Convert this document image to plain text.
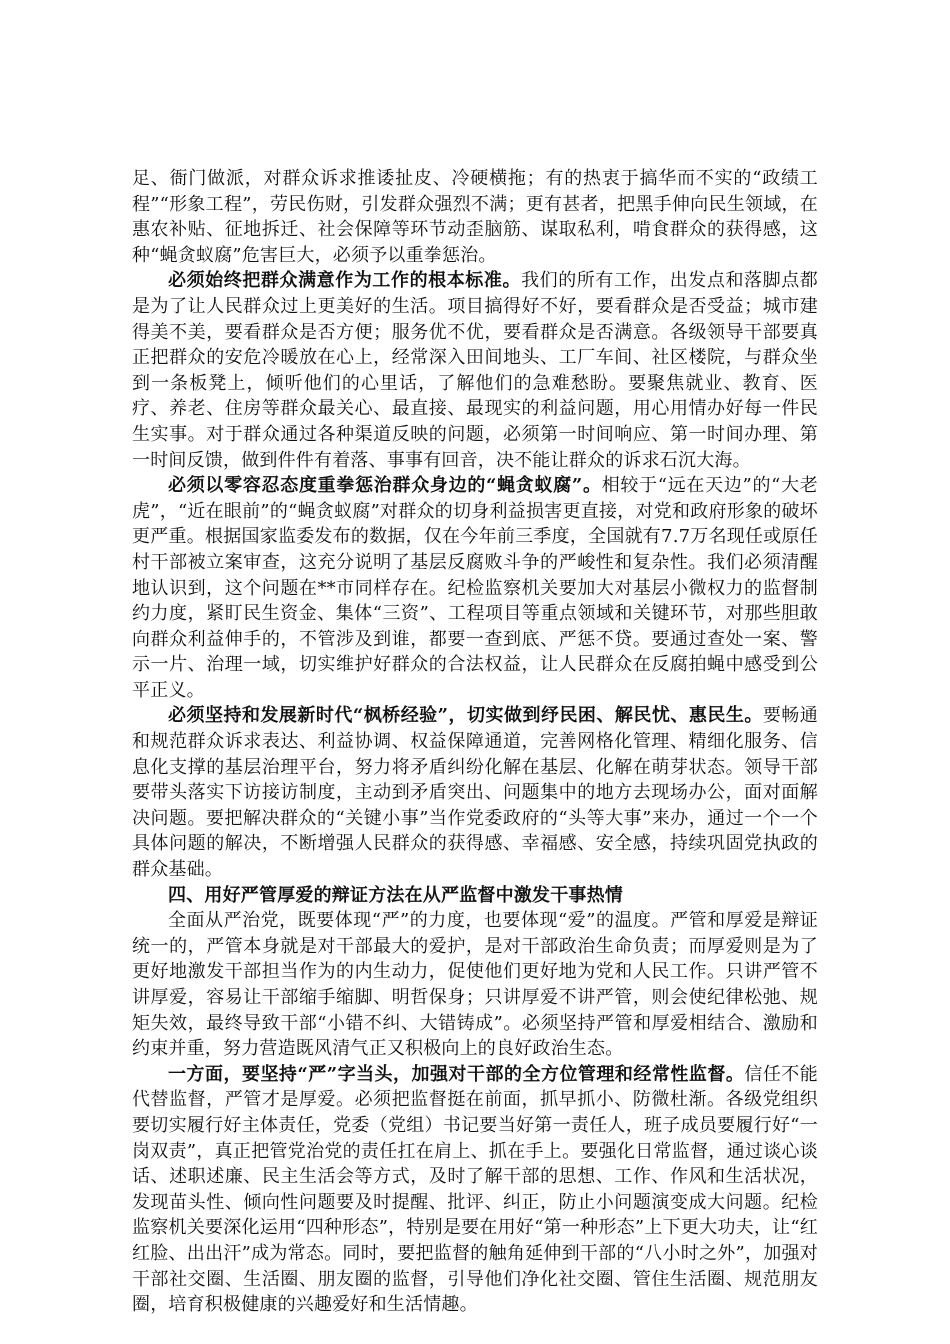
足、衙门做派，对群众诉求推诿扯皮、冷硬横拖；有的热衷于搞华而不实的“政绩工程”“形象工程”，劳民伤财，引发群众强烈不满；更有甚者，把黑手伸向民生领域，在惠农补贴、征地拆迁、社会保障等环节动歪脑筋、谋取私利，啃食群众的获得感，这种“蝇贪蚁腐”危害巨大，必须予以重拳惩治。

必须始终把群众满意作为工作的根本标准。我们的所有工作，出发点和落脚点都是为了让人民群众过上更美好的生活。项目搞得好不好，要看群众是否受益；城市建得美不美，要看群众是否方便；服务优不优，要看群众是否满意。各级领导干部要真正把群众的安危冷暖放在心上，经常深入田间地头、工厂车间、社区楼院，与群众坐到一条板凳上，倾听他们的心里话，了解他们的急难愁盼。要聚焦就业、教育、医疗、养老、住房等群众最关心、最直接、最现实的利益问题，用心用情办好每一件民生实事。对于群众通过各种渠道反映的问题，必须第一时间响应、第一时间办理、第一时间反馈，做到件件有着落、事事有回音，决不能让群众的诉求石沉大海。

必须以零容忍态度重拳惩治群众身边的“蝇贪蚁腐”。相较于“远在天边”的“大老虎”，“近在眼前”的“蝇贪蚁腐”对群众的切身利益损害更直接，对党和政府形象的破坏更严重。根据国家监委发布的数据，仅在今年前三季度，全国就有7.7万名现任或原任村干部被立案审查，这充分说明了基层反腐败斗争的严峻性和复杂性。我们必须清醒地认识到，这个问题在**市同样存在。纪检监察机关要加大对基层小微权力的监督制约力度，紧盯民生资金、集体“三资”、工程项目等重点领域和关键环节，对那些胆敢向群众利益伸手的，不管涉及到谁，都要一查到底、严惩不贷。要通过查处一案、警示一片、治理一域，切实维护好群众的合法权益，让人民群众在反腐拍蝇中感受到公平正义。

必须坚持和发展新时代“枫桥经验”，切实做到纾民困、解民忧、惠民生。要畅通和规范群众诉求表达、利益协调、权益保障通道，完善网格化管理、精细化服务、信息化支撑的基层治理平台，努力将矛盾纠纷化解在基层、化解在萌芽状态。领导干部要带头落实下访接访制度，主动到矛盾突出、问题集中的地方去现场办公，面对面解决问题。要把解决群众的“关键小事”当作党委政府的“头等大事”来办，通过一个一个具体问题的解决，不断增强人民群众的获得感、幸福感、安全感，持续巩固党执政的群众基础。

四、用好严管厚爱的辩证方法在从严监督中激发干事热情

全面从严治党，既要体现“严”的力度，也要体现“爱”的温度。严管和厚爱是辩证统一的，严管本身就是对干部最大的爱护，是对干部政治生命负责；而厚爱则是为了更好地激发干部担当作为的内生动力，促使他们更好地为党和人民工作。只讲严管不讲厚爱，容易让干部缩手缩脚、明哲保身；只讲厚爱不讲严管，则会使纪律松弛、规矩失效，最终导致干部“小错不纠、大错铸成”。必须坚持严管和厚爱相结合、激励和约束并重，努力营造既风清气正又积极向上的良好政治生态。

一方面，要坚持“严”字当头，加强对干部的全方位管理和经常性监督。信任不能代替监督，严管才是厚爱。必须把监督挺在前面，抓早抓小、防微杜渐。各级党组织要切实履行好主体责任，党委（党组）书记要当好第一责任人，班子成员要履行好“一岗双责”，真正把管党治党的责任扛在肩上、抓在手上。要强化日常监督，通过谈心谈话、述职述廉、民主生活会等方式，及时了解干部的思想、工作、作风和生活状况，发现苗头性、倾向性问题要及时提醒、批评、纠正，防止小问题演变成大问题。纪检监察机关要深化运用“四种形态”，特别是要在用好“第一种形态”上下更大功夫，让“红红脸、出出汗”成为常态。同时，要把监督的触角延伸到干部的“八小时之外”，加强对干部社交圈、生活圈、朋友圈的监督，引导他们净化社交圈、管住生活圈、规范朋友圈，培育积极健康的兴趣爱好和生活情趣。
